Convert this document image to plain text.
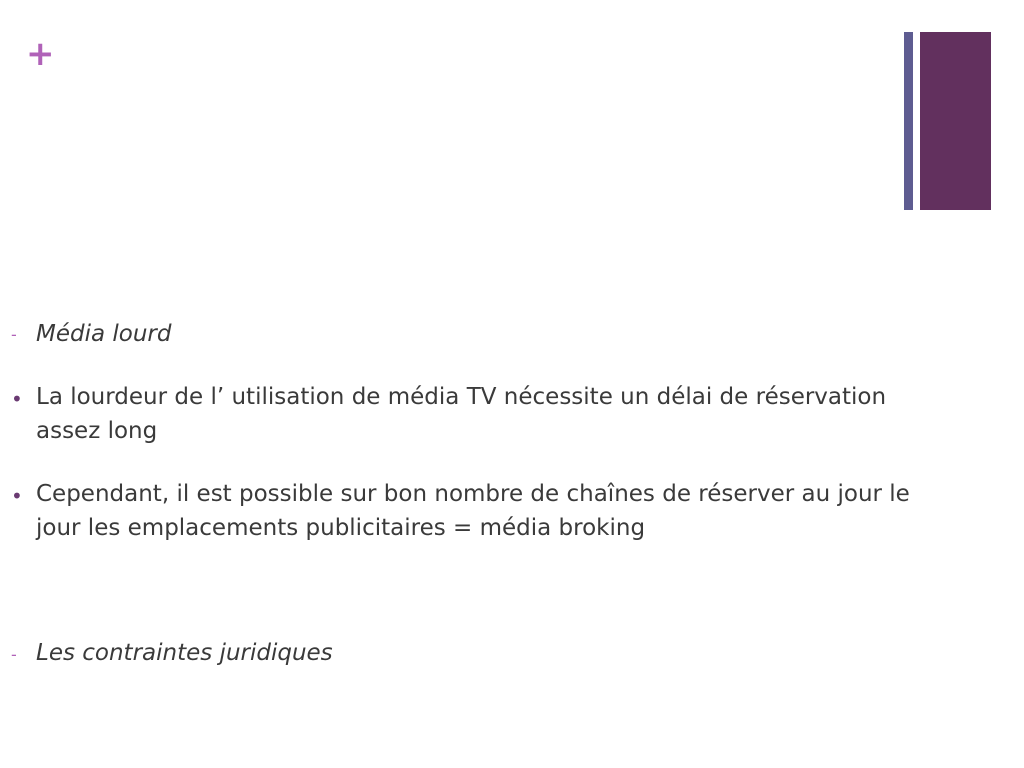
+
- Média lourd
• La lourdeur de l’ utilisation de média TV nécessite un délai de réservation
assez long
• Cependant, il est possible sur bon nombre de chaînes de réserver au jour le
jour les emplacements publicitaires = média broking
- Les contraintes juridiques
